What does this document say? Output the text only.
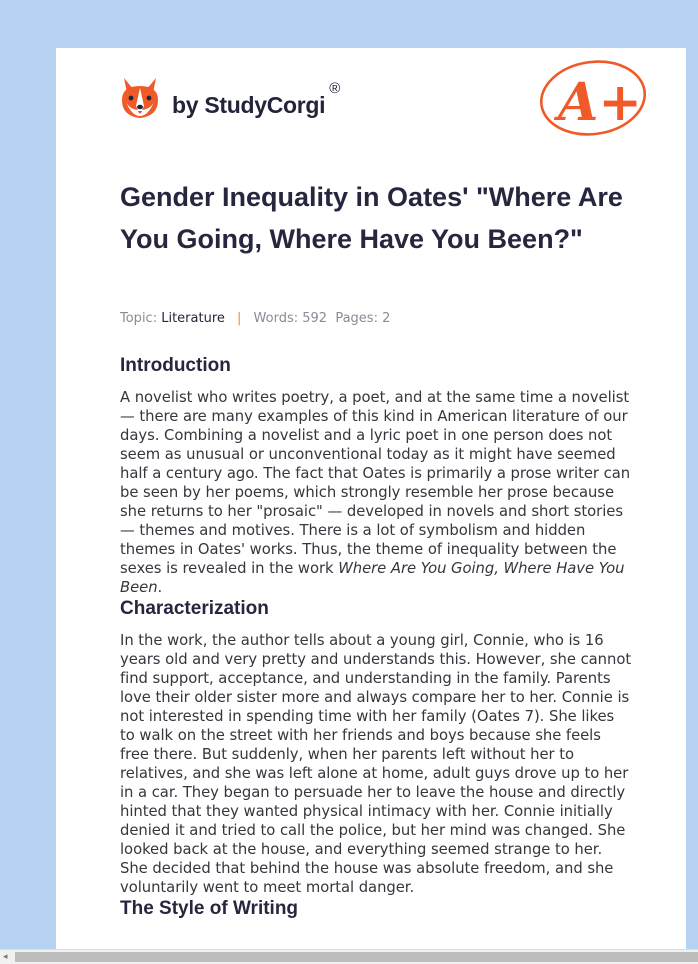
by StudyCorgi
®	A+
Gender Inequality in Oates' "Where Are You Going, Where Have You Been?"
Topic: Literature | Words: 592 Pages: 2
Introduction

A novelist who writes poetry, a poet, and at the same time a novelist — there are many examples of this kind in American literature of our days. Combining a novelist and a lyric poet in one person does not seem as unusual or unconventional today as it might have seemed half a century ago. The fact that Oates is primarily a prose writer can be seen by her poems, which strongly resemble her prose because she returns to her "prosaic" — developed in novels and short stories — themes and motives. There is a lot of symbolism and hidden themes in Oates' works. Thus, the theme of inequality between the sexes is revealed in the work Where Are You Going, Where Have You Been.

Characterization

In the work, the author tells about a young girl, Connie, who is 16 years old and very pretty and understands this. However, she cannot find support, acceptance, and understanding in the family. Parents love their older sister more and always compare her to her. Connie is not interested in spending time with her family (Oates 7). She likes to walk on the street with her friends and boys because she feels free there. But suddenly, when her parents left without her to relatives, and she was left alone at home, adult guys drove up to her in a car. They began to persuade her to leave the house and directly hinted that they wanted physical intimacy with her. Connie initially denied it and tried to call the police, but her mind was changed. She looked back at the house, and everything seemed strange to her. She decided that behind the house was absolute freedom, and she voluntarily went to meet mortal danger.

The Style of Writing
◂
